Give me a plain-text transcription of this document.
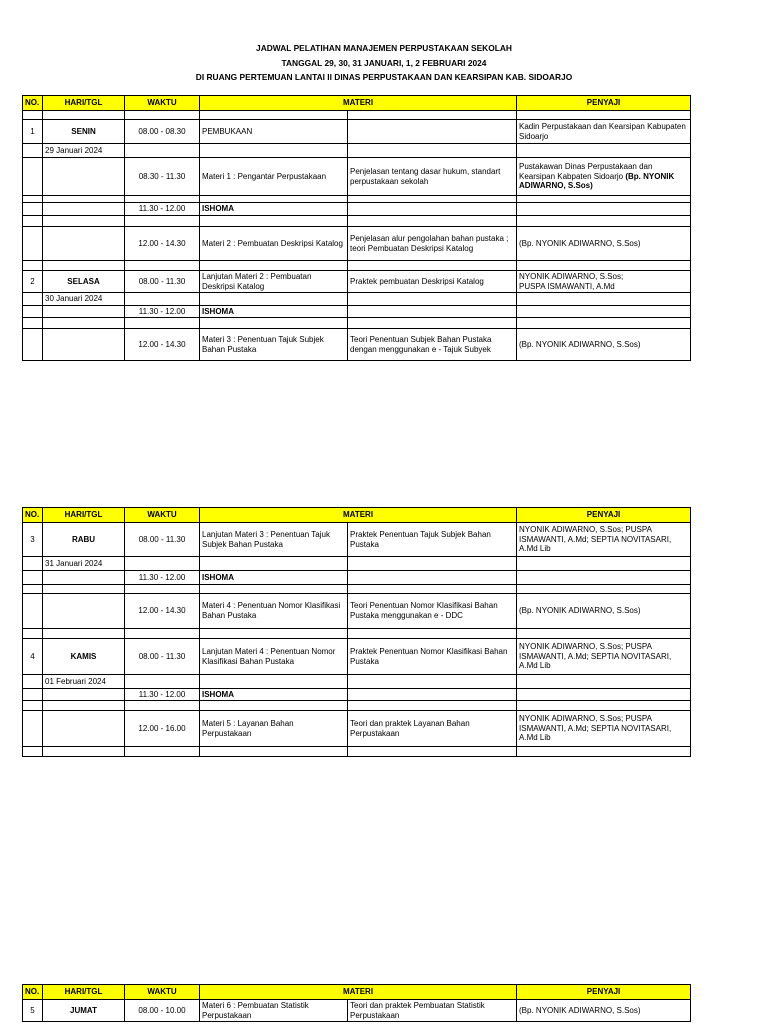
JADWAL PELATIHAN MANAJEMEN PERPUSTAKAAN SEKOLAH
TANGGAL 29, 30, 31 JANUARI, 1, 2 FEBRUARI 2024
DI RUANG PERTEMUAN LANTAI II DINAS PERPUSTAKAAN DAN KEARSIPAN KAB. SIDOARJO
NO.	HARI/TGL	WAKTU	MATERI		PENYAJI

1	SENIN	08.00 - 08.30	PEMBUKAAN		Kadin Perpustakaan dan Kearsipan Kabupaten Sidoarjo
	29 Januari 2024				
		08.30 - 11.30	Materi 1 : Pengantar Perpustakaan	Penjelasan tentang dasar hukum, standart perpustakaan sekolah	Pustakawan Dinas Perpustakaan dan Kearsipan Kabpaten Sidoarjo (Bp. NYONIK ADIWARNO, S.Sos)

		11.30 - 12.00	ISHOMA		

		12.00 - 14.30	Materi 2 : Pembuatan Deskripsi Katalog	Penjelasan alur pengolahan bahan pustaka ; teori Pembuatan Deskripsi Katalog	(Bp. NYONIK ADIWARNO, S.Sos)

2	SELASA	08.00 - 11.30	Lanjutan Materi 2 : Pembuatan Deskripsi Katalog	Praktek pembuatan Deskripsi Katalog	NYONIK ADIWARNO, S.Sos;
PUSPA ISMAWANTI, A.Md
	30 Januari 2024				
		11.30 - 12.00	ISHOMA		

		12.00 - 14.30	Materi 3 : Penentuan Tajuk Subjek Bahan Pustaka	Teori Penentuan Subjek Bahan Pustaka dengan menggunakan e - Tajuk Subyek	(Bp. NYONIK ADIWARNO, S.Sos)
NO.	HARI/TGL	WAKTU	MATERI		PENYAJI
3	RABU	08.00 - 11.30	Lanjutan Materi 3 : Penentuan Tajuk Subjek Bahan Pustaka	Praktek Penentuan Tajuk Subjek Bahan Pustaka	NYONIK ADIWARNO, S.Sos; PUSPA ISMAWANTI, A.Md; SEPTIA NOVITASARI, A.Md Lib
	31 Januari 2024				
		11.30 - 12.00	ISHOMA		

		12.00 - 14.30	Materi 4 : Penentuan Nomor Klasifikasi Bahan Pustaka	Teori Penentuan Nomor Klasifikasi Bahan Pustaka menggunakan e - DDC	(Bp. NYONIK ADIWARNO, S.Sos)

4	KAMIS	08.00 - 11.30	Lanjutan Materi 4 : Penentuan Nomor Klasifikasi Bahan Pustaka	Praktek Penentuan Nomor Klasifikasi Bahan Pustaka	NYONIK ADIWARNO, S.Sos; PUSPA ISMAWANTI, A.Md; SEPTIA NOVITASARI, A.Md Lib
	01 Februari 2024				
		11.30 - 12.00	ISHOMA		

		12.00 - 16.00	Materi 5 : Layanan Bahan Perpustakaan	Teori dan praktek Layanan Bahan Perpustakaan	NYONIK ADIWARNO, S.Sos; PUSPA ISMAWANTI, A.Md; SEPTIA NOVITASARI, A.Md Lib

NO.	HARI/TGL	WAKTU	MATERI		PENYAJI
5	JUMAT	08.00 - 10.00	Materi 6 : Pembuatan Statistik Perpustakaan	Teori dan praktek Pembuatan Statistik Perpustakaan	(Bp. NYONIK ADIWARNO, S.Sos)
